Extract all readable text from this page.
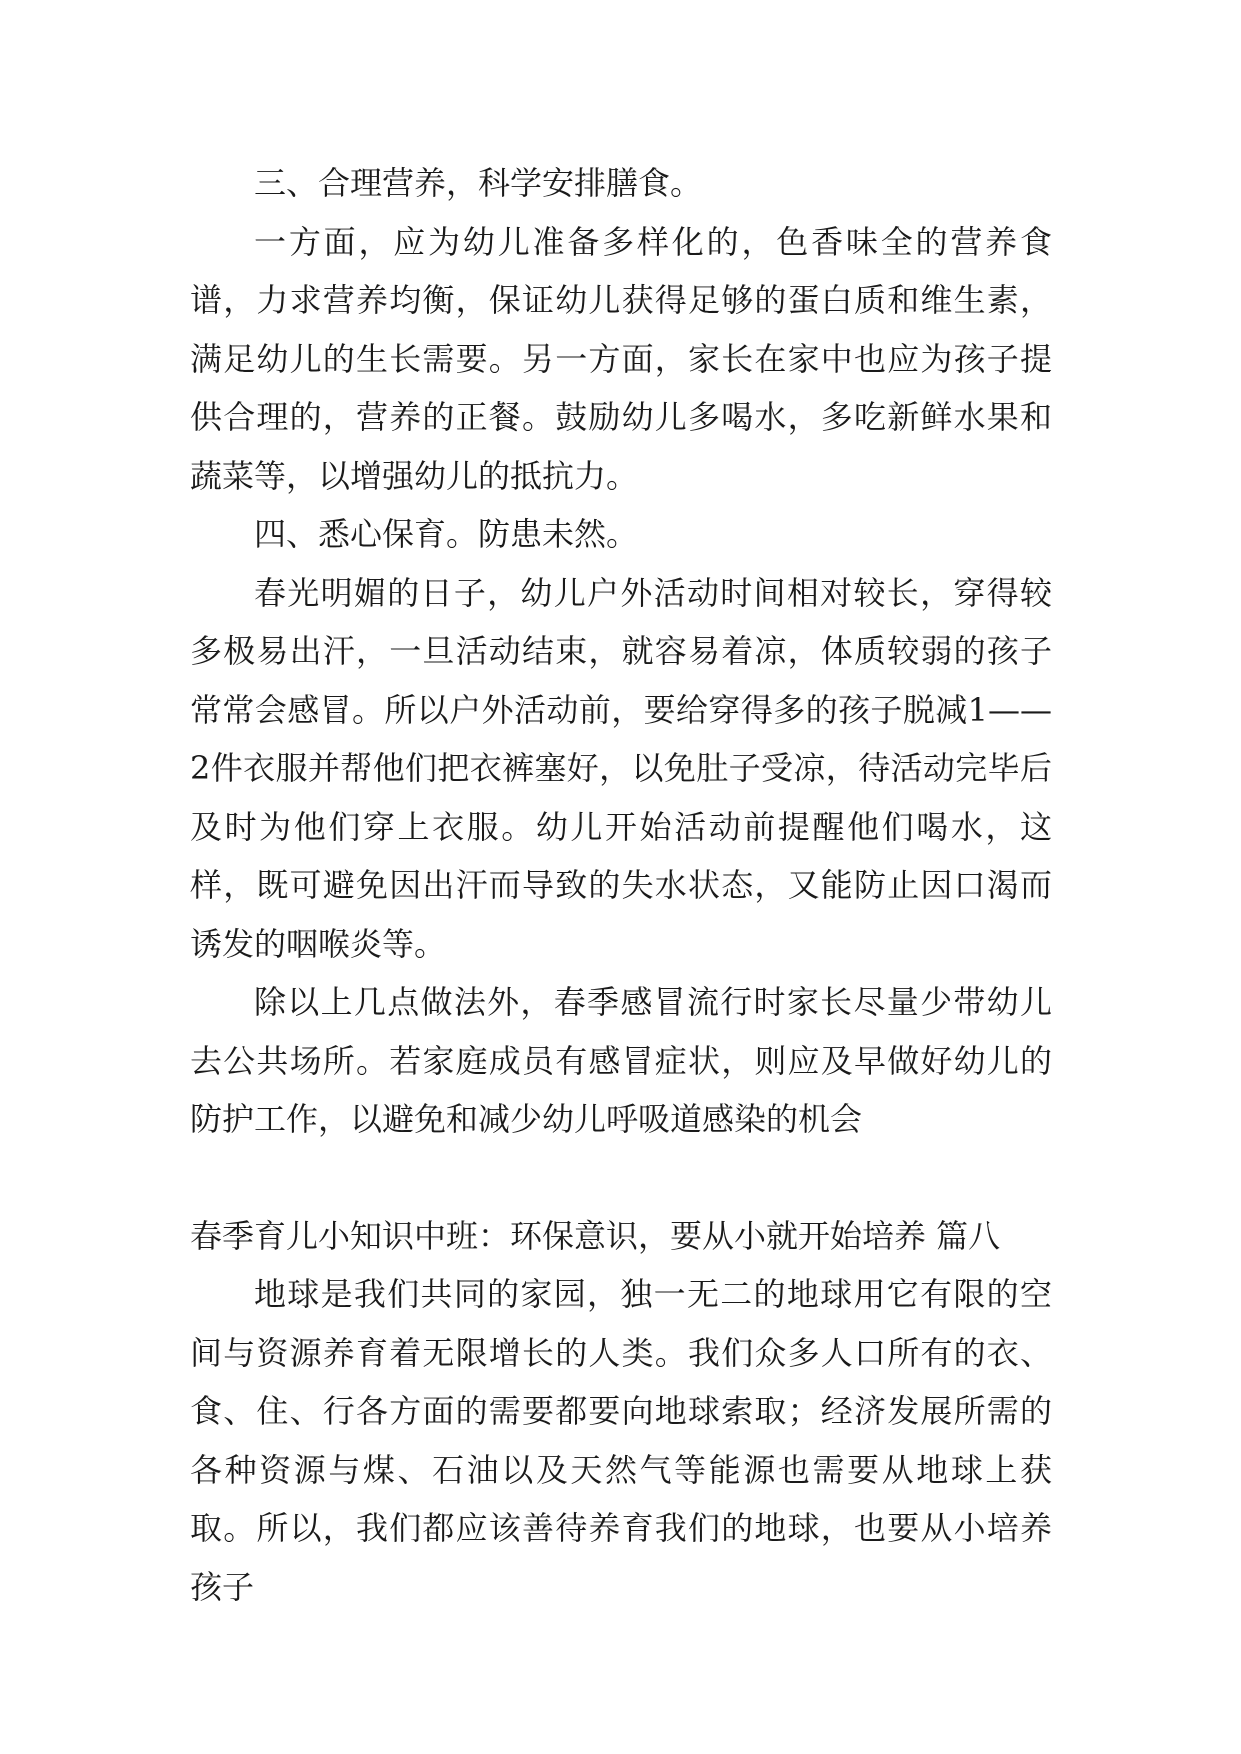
三、合理营养，科学安排膳食。

一方面，应为幼儿准备多样化的，色香味全的营养食谱，力求营养均衡，保证幼儿获得足够的蛋白质和维生素，满足幼儿的生长需要。另一方面，家长在家中也应为孩子提供合理的，营养的正餐。鼓励幼儿多喝水，多吃新鲜水果和蔬菜等，以增强幼儿的抵抗力。

四、悉心保育。防患未然。

春光明媚的日子，幼儿户外活动时间相对较长，穿得较多极易出汗，一旦活动结束，就容易着凉，体质较弱的孩子常常会感冒。所以户外活动前，要给穿得多的孩子脱减1——2件衣服并帮他们把衣裤塞好，以免肚子受凉，待活动完毕后及时为他们穿上衣服。幼儿开始活动前提醒他们喝水，这样，既可避免因出汗而导致的失水状态，又能防止因口渴而诱发的咽喉炎等。

除以上几点做法外，春季感冒流行时家长尽量少带幼儿去公共场所。若家庭成员有感冒症状，则应及早做好幼儿的防护工作，以避免和减少幼儿呼吸道感染的机会

春季育儿小知识中班：环保意识，要从小就开始培养 篇八

地球是我们共同的家园，独一无二的地球用它有限的空间与资源养育着无限增长的人类。我们众多人口所有的衣、食、住、行各方面的需要都要向地球索取；经济发展所需的各种资源与煤、石油以及天然气等能源也需要从地球上获取。所以，我们都应该善待养育我们的地球，也要从小培养孩子
